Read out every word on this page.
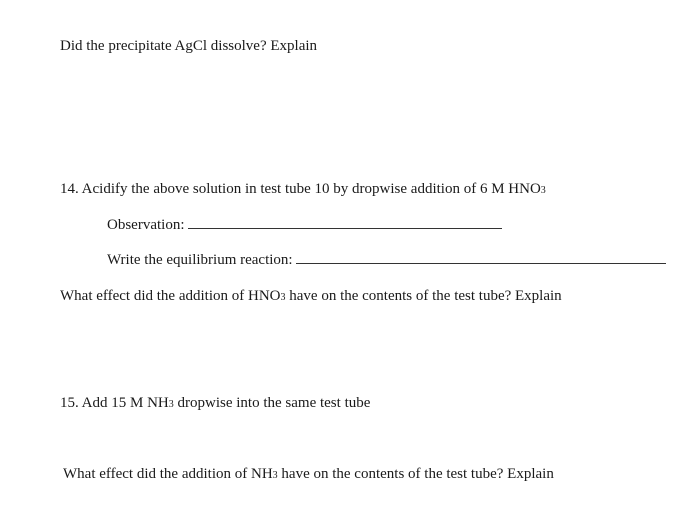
Did the precipitate AgCl dissolve? Explain
14. Acidify the above solution in test tube 10 by dropwise addition of 6 M HNO3
Observation:
Write the equilibrium reaction:
What effect did the addition of HNO3 have on the contents of the test tube? Explain
15. Add 15 M NH3 dropwise into the same test tube
What effect did the addition of NH3 have on the contents of the test tube? Explain
